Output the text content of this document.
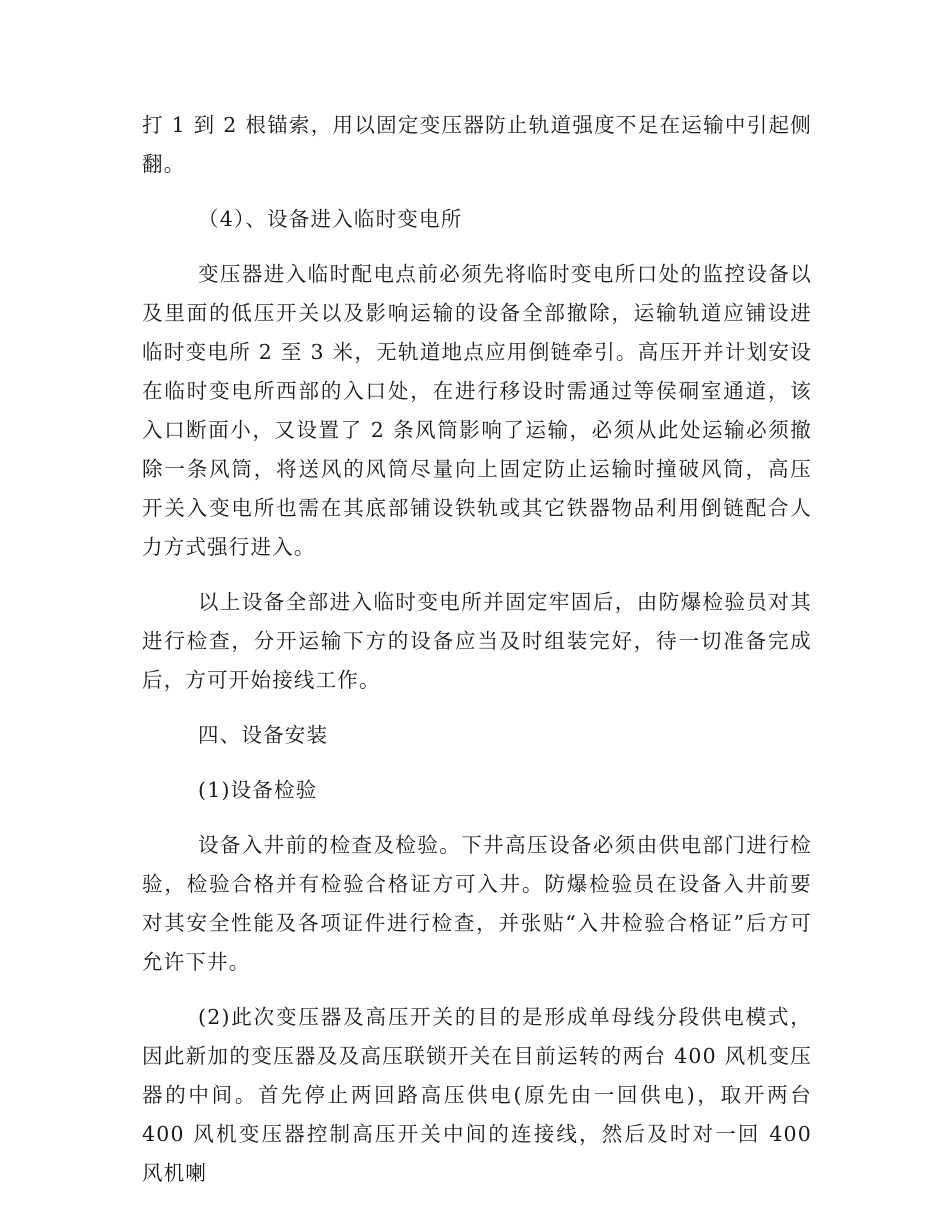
打 1 到 2 根锚索，用以固定变压器防止轨道强度不足在运输中引起侧翻。

（4）、设备进入临时变电所

变压器进入临时配电点前必须先将临时变电所口处的监控设备以及里面的低压开关以及影响运输的设备全部撤除，运输轨道应铺设进临时变电所 2 至 3 米，无轨道地点应用倒链牵引。高压开并计划安设在临时变电所西部的入口处，在进行移设时需通过等侯硐室通道，该入口断面小，又设置了 2 条风筒影响了运输，必须从此处运输必须撤除一条风筒，将送风的风筒尽量向上固定防止运输时撞破风筒，高压开关入变电所也需在其底部铺设铁轨或其它铁器物品利用倒链配合人力方式强行进入。

以上设备全部进入临时变电所并固定牢固后，由防爆检验员对其进行检查，分开运输下方的设备应当及时组装完好，待一切准备完成后，方可开始接线工作。

四、设备安装

(1)设备检验

设备入井前的检查及检验。下井高压设备必须由供电部门进行检验，检验合格并有检验合格证方可入井。防爆检验员在设备入井前要对其安全性能及各项证件进行检查，并张贴“入井检验合格证”后方可允许下井。

(2)此次变压器及高压开关的目的是形成单母线分段供电模式，因此新加的变压器及及高压联锁开关在目前运转的两台 400 风机变压器的中间。首先停止两回路高压供电(原先由一回供电)，取开两台 400 风机变压器控制高压开关中间的连接线，然后及时对一回 400 风机喇
